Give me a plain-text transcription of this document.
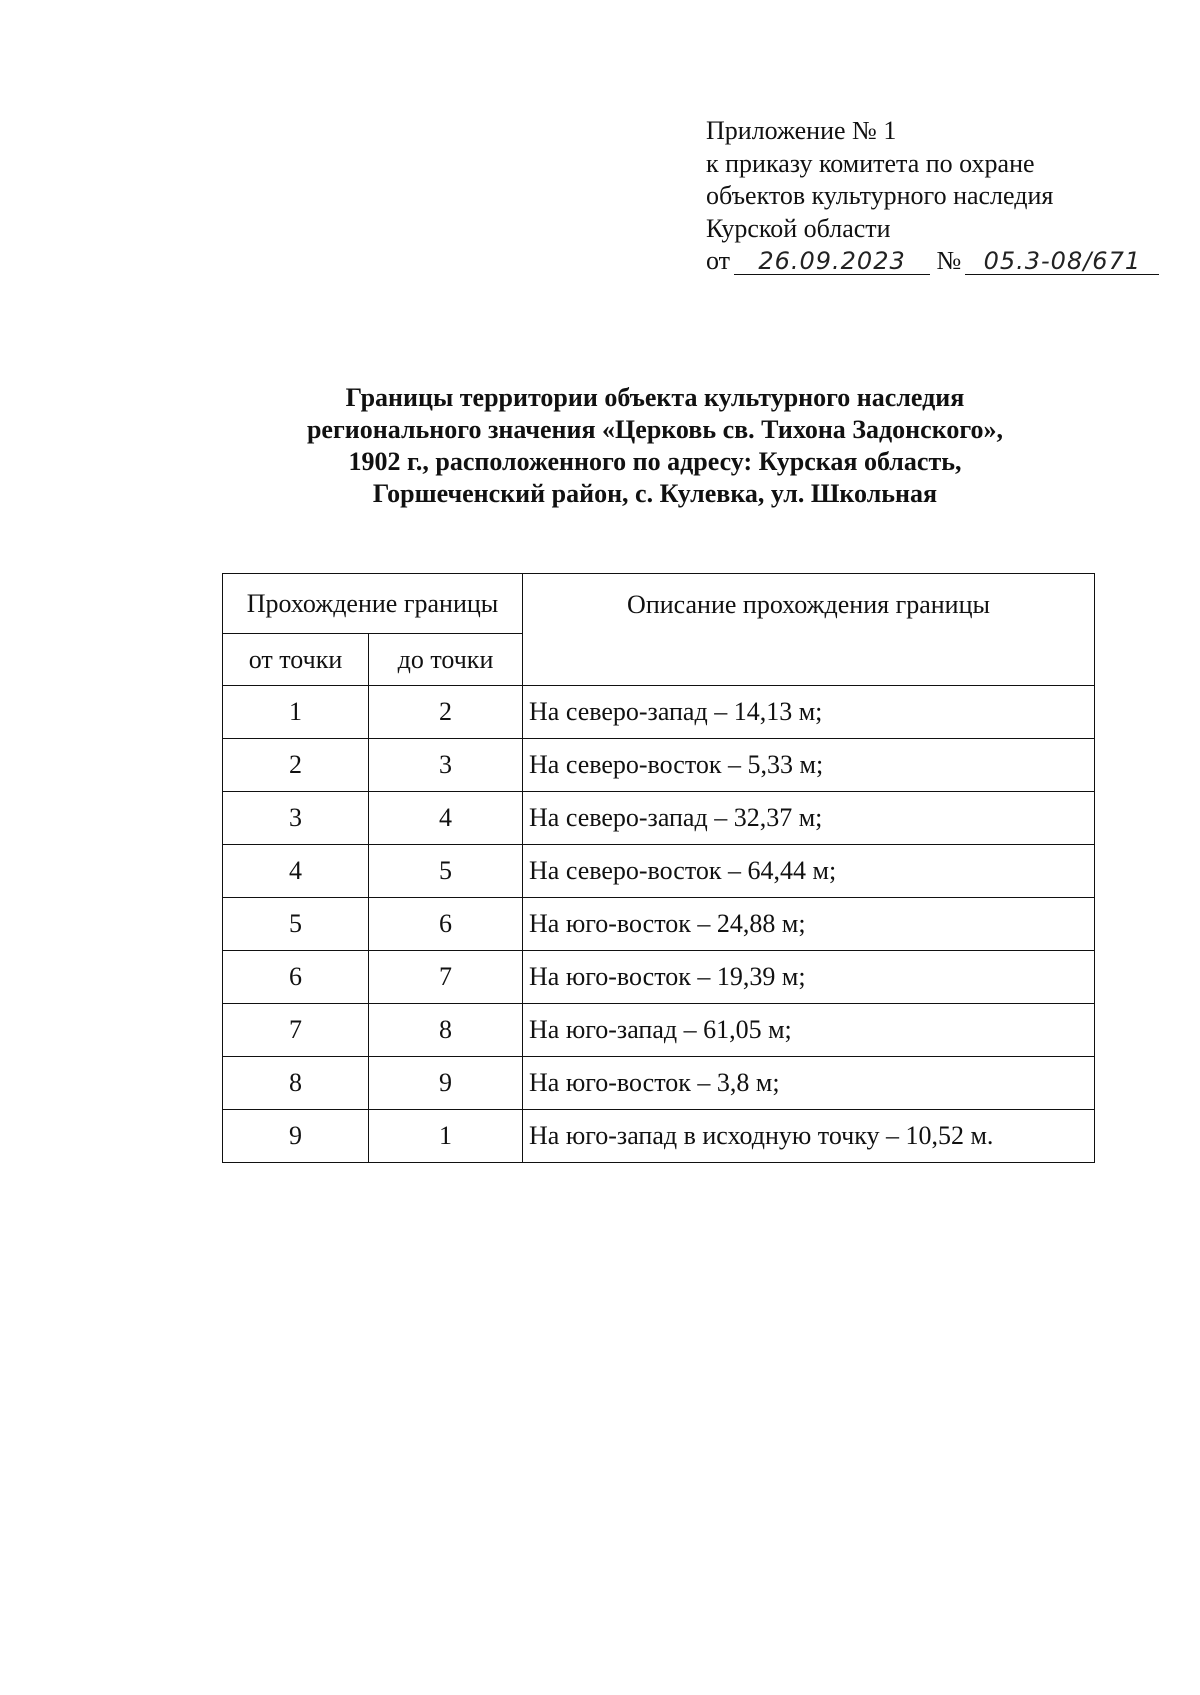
Приложение № 1
к приказу комитета по охране
объектов культурного наследия
Курской области
от 26.09.2023 № 05.3-08/671
Границы территории объекта культурного наследия
регионального значения «Церковь св. Тихона Задонского»,
1902 г., расположенного по адресу: Курская область,
Горшеченский район, с. Кулевка, ул. Школьная
Прохождение границы		Описание прохождения границы
от точки	до точки	
1	2	На северо-запад – 14,13 м;
2	3	На северо-восток – 5,33 м;
3	4	На северо-запад – 32,37 м;
4	5	На северо-восток – 64,44 м;
5	6	На юго-восток – 24,88 м;
6	7	На юго-восток – 19,39 м;
7	8	На юго-запад – 61,05 м;
8	9	На юго-восток – 3,8 м;
9	1	На юго-запад в исходную точку – 10,52 м.
